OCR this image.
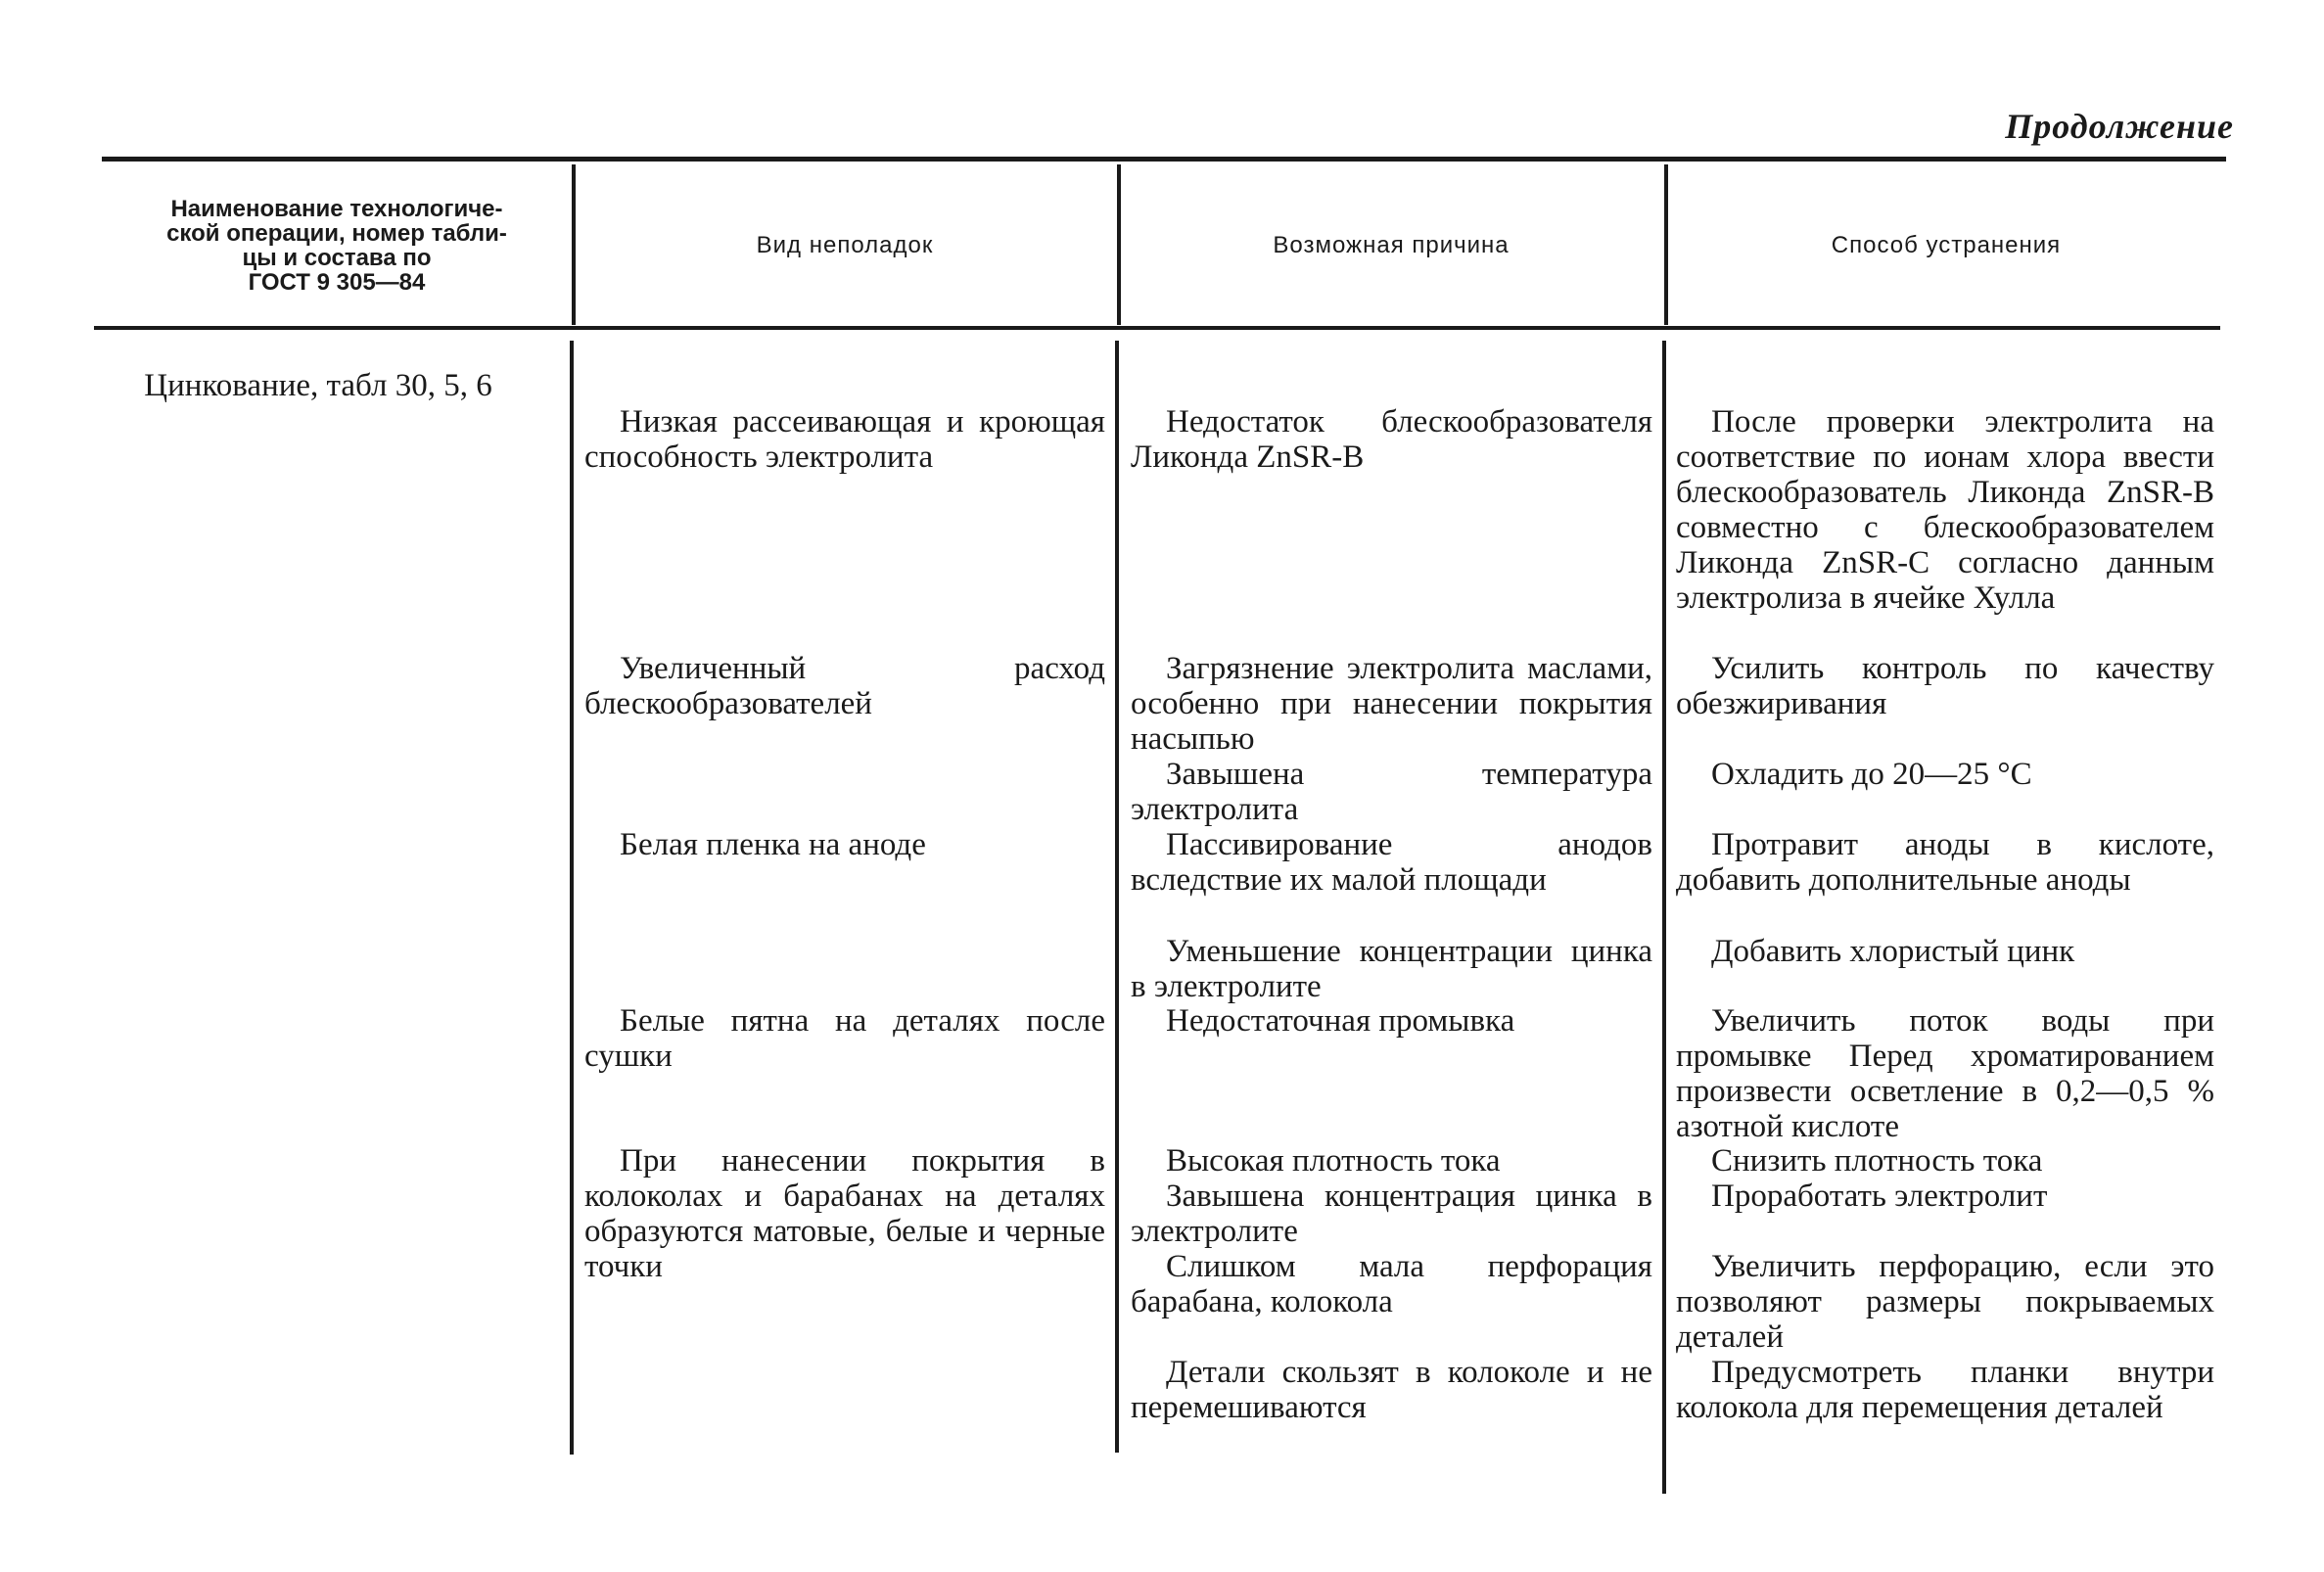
Продолжение
Наименование технологиче-
ской операции, номер табли-
цы и состава по
ГОСТ 9 305—84
Вид неполадок	Возможная причина	Способ устранения
Цинкование, табл 30, 5, 6
Низкая рассеивающая и кроющая способность электролита
Увеличенный расход блескообразователей
Белая пленка на аноде
Белые пятна на деталях после сушки
При нанесении покрытия в колоколах и барабанах на деталях образуются матовые, белые и черные точки
Недостаток блескообразователя Ликонда ZnSR-B
Загрязнение электролита маслами, особенно при нанесении покрытия насыпью
Завышена температура электролита
Пассивирование анодов вследствие их малой площади
Уменьшение концентрации цинка в электролите
Недостаточная промывка
Высокая плотность тока
Завышена концентрация цинка в электролите
Слишком мала перфорация барабана, колокола
Детали скользят в колоколе и не перемешиваются
После проверки электролита на соответствие по ионам хлора ввести блескообразователь Ликонда ZnSR-B совместно с блескообразователем Ликонда ZnSR-C согласно данным электролиза в ячейке Хулла
Усилить контроль по качеству обезжиривания
Охладить до 20—25 °С
Протравит аноды в кислоте, добавить дополнительные аноды
Добавить хлористый цинк
Увеличить поток воды при промывке Перед хроматированием произвести осветление в 0,2—0,5 % азотной кислоте
Снизить плотность тока
Проработать электролит
Увеличить перфорацию, если это позволяют размеры покрываемых деталей
Предусмотреть планки внутри колокола для перемещения деталей
